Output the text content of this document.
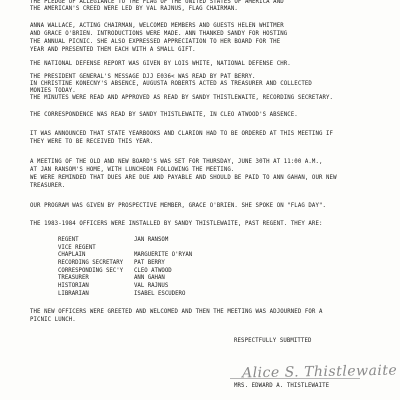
THE PLEDGE OF ALLEGIANCE TO THE FLAG OF THE UNITED STATES OF AMERICA AND
THE AMERICAN'S CREED WERE LED BY VAL RAJNUS, FLAG CHAIRMAN.
ANNA WALLACE, ACTING CHAIRMAN, WELCOMED MEMBERS AND GUESTS HELEN WHITMER
AND GRACE O'BRIEN. INTRODUCTIONS WERE MADE. ANN THANKED SANDY FOR HOSTING
THE ANNUAL PICNIC. SHE ALSO EXPRESSED APPRECIATION TO HER BOARD FOR THE
YEAR AND PRESENTED THEM EACH WITH A SMALL GIFT.
THE NATIONAL DEFENSE REPORT WAS GIVEN BY LOIS WHITE, NATIONAL DEFENSE CHR.
THE PRESIDENT GENERAL'S MESSAGE DJJ E036< WAS READ BY PAT BERRY.
IN CHRISTINE KONECNY'S ABSENCE, AUGUSTA ROBERTS ACTED AS TREASURER AND COLLECTED
MONIES TODAY.
THE MINUTES WERE READ AND APPROVED AS READ BY SANDY THISTLEWAITE, RECORDING SECRETARY.
THE CORRESPONDENCE WAS READ BY SANDY THISTLEWAITE, IN CLEO ATWOOD'S ABSENCE.
IT WAS ANNOUNCED THAT STATE YEARBOOKS AND CLARION HAD TO BE ORDERED AT THIS MEETING IF
THEY WERE TO BE RECEIVED THIS YEAR.
A MEETING OF THE OLD AND NEW BOARD'S WAS SET FOR THURSDAY, JUNE 30TH AT 11:00 A.M.,
AT JAN RANSOM'S HOME, WITH LUNCHEON FOLLOWING THE MEETING.
WE WERE REMINDED THAT DUES ARE DUE AND PAYABLE AND SHOULD BE PAID TO ANN GAHAN, OUR NEW
TREASURER.
OUR PROGRAM WAS GIVEN BY PROSPECTIVE MEMBER, GRACE O'BRIEN. SHE SPOKE ON "FLAG DAY".
THE 1983-1984 OFFICERS WERE INSTALLED BY SANDY THISTLEWAITE, PAST REGENT. THEY ARE:
REGENT	JAN RANSOM
VICE REGENT
CHAPLAIN	MARGUERITE O'RYAN
RECORDING SECRETARY	PAT BERRY
CORRESPONDING SEC'Y	CLEO ATWOOD
TREASURER	ANN GAHAN
HISTORIAN	VAL RAJNUS
LIBRARIAN	ISABEL ESCUDERO
THE NEW OFFICERS WERE GREETED AND WELCOMED AND THEN THE MEETING WAS ADJOURNED FOR A
PICNIC LUNCH.
RESPECTFULLY SUBMITTED
Alice S. Thistlewaite
MRS. EDWARD A. THISTLEWAITE
